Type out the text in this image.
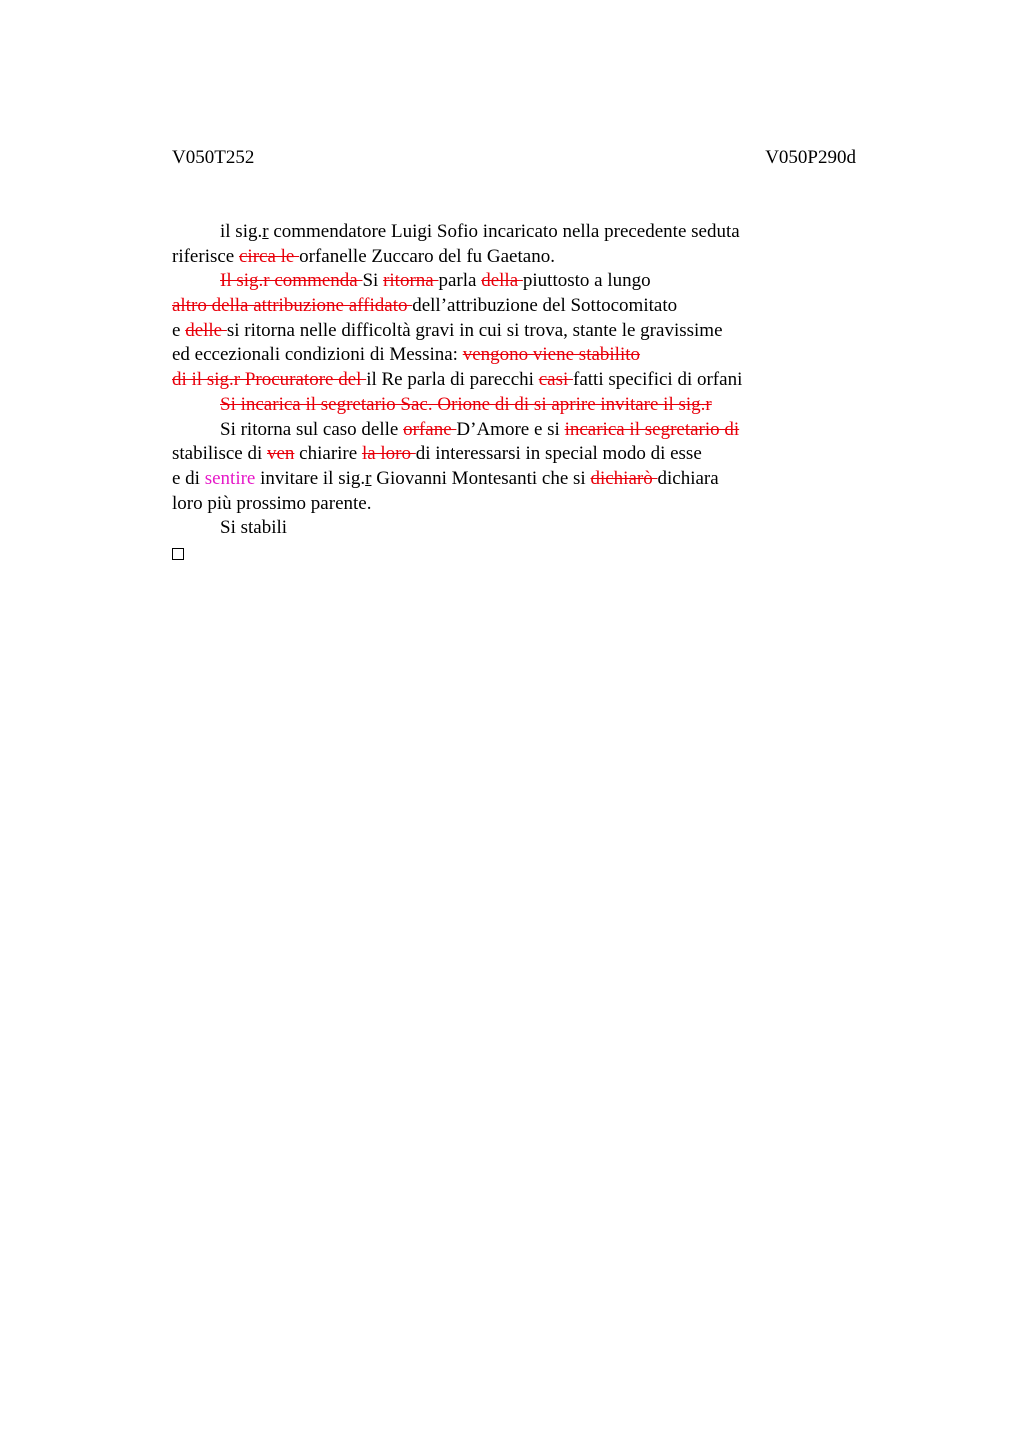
V050T252	V050P290d
il sig.r commendatore Luigi Sofio incaricato nella precedente seduta
riferisce circa le orfanelle Zuccaro del fu Gaetano.
Il sig.r commenda Si ritorna parla della piuttosto a lungo
altro della attribuzione affidato dell’attribuzione del Sottocomitato
e delle si ritorna nelle difficoltà gravi in cui si trova, stante le gravissime
ed eccezionali condizioni di Messina: vengono viene stabilito
di il sig.r Procuratore del il Re parla di parecchi casi fatti specifici di orfani
Si incarica il segretario Sac. Orione di di si aprire invitare il sig.r
Si ritorna sul caso delle orfane D’Amore e si incarica il segretario di
stabilisce di ven chiarire la loro di interessarsi in special modo di esse
e di sentire invitare il sig.r Giovanni Montesanti che si dichiarò dichiara
loro più prossimo parente.
Si stabili
